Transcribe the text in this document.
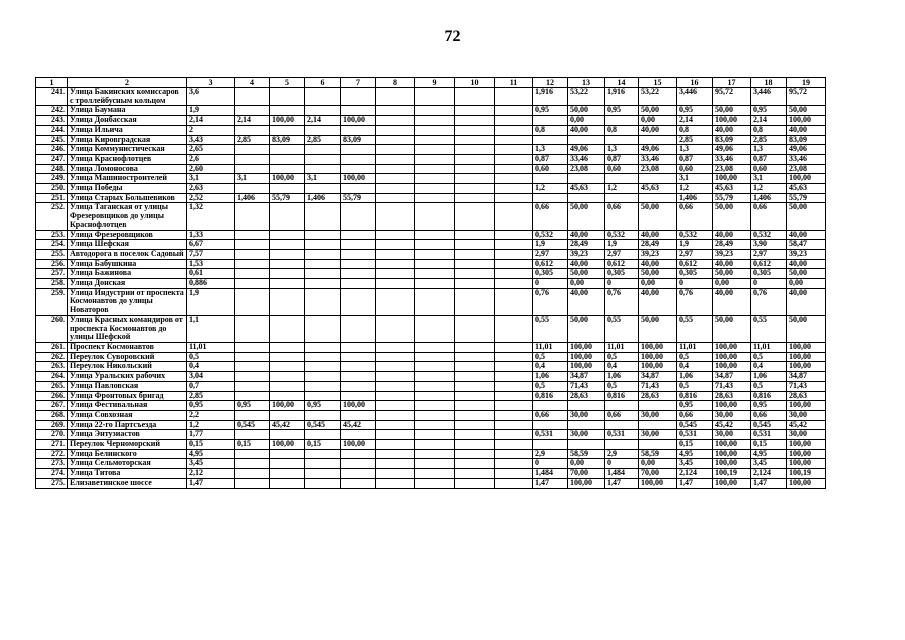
72
1	2	3	4	5	6	7	8	9	10	11	12	13	14	15	16	17	18	19
241.	Улица Бакинских комиссаров с троллейбусным кольцом	3,6									1,916	53,22	1,916	53,22	3,446	95,72	3,446	95,72
242.	Улица Баумана	1,9									0,95	50,00	0,95	50,00	0,95	50,00	0,95	50,00
243.	Улица Донбасская	2,14	2,14	100,00	2,14	100,00						0,00		0,00	2,14	100,00	2,14	100,00
244.	Улица Ильича	2									0,8	40,00	0,8	40,00	0,8	40,00	0,8	40,00
245.	Улица Кировградская	3,43	2,85	83,09	2,85	83,09									2,85	83,09	2,85	83,09
246.	Улица Коммунистическая	2,65									1,3	49,06	1,3	49,06	1,3	49,06	1,3	49,06
247.	Улица Краснофлотцев	2,6									0,87	33,46	0,87	33,46	0,87	33,46	0,87	33,46
248.	Улица Ломоносова	2,60									0,60	23,08	0,60	23,08	0,60	23,08	0,60	23,08
249.	Улица Машиностроителей	3,1	3,1	100,00	3,1	100,00									3,1	100,00	3,1	100,00
250.	Улица Победы	2,63									1,2	45,63	1,2	45,63	1,2	45,63	1,2	45,63
251.	Улица Старых Большевиков	2,52	1,406	55,79	1,406	55,79									1,406	55,79	1,406	55,79
252.	Улица Таганская от улицы Фрезеровщиков до улицы Краснофлотцев	1,32									0,66	50,00	0,66	50,00	0,66	50,00	0,66	50,00
253.	Улица Фрезеровщиков	1,33									0,532	40,00	0,532	40,00	0,532	40,00	0,532	40,00
254.	Улица Шефская	6,67									1,9	28,49	1,9	28,49	1,9	28,49	3,90	58,47
255.	Автодорога в поселок Садовый	7,57									2,97	39,23	2,97	39,23	2,97	39,23	2,97	39,23
256.	Улица Бабушкина	1,53									0,612	40,00	0,612	40,00	0,612	40,00	0,612	40,00
257.	Улица Бажинова	0,61									0,305	50,00	0,305	50,00	0,305	50,00	0,305	50,00
258.	Улица Донская	0,886									0	0,00	0	0,00	0	0,00	0	0,00
259.	Улица Индустрии от проспекта Космонавтов до улицы Новаторов	1,9									0,76	40,00	0,76	40,00	0,76	40,00	0,76	40,00
260.	Улица Красных командиров от проспекта Космонавтов до улицы Шефской	1,1									0,55	50,00	0,55	50,00	0,55	50,00	0,55	50,00
261.	Проспект Космонавтов	11,01									11,01	100,00	11,01	100,00	11,01	100,00	11,01	100,00
262.	Переулок Суворовский	0,5									0,5	100,00	0,5	100,00	0,5	100,00	0,5	100,00
263.	Переулок Никольский	0,4									0,4	100,00	0,4	100,00	0,4	100,00	0,4	100,00
264.	Улица Уральских рабочих	3,04									1,06	34,87	1,06	34,87	1,06	34,87	1,06	34,87
265.	Улица Павловская	0,7									0,5	71,43	0,5	71,43	0,5	71,43	0,5	71,43
266.	Улица Фронтовых бригад	2,85									0,816	28,63	0,816	28,63	0,816	28,63	0,816	28,63
267.	Улица Фестивальная	0,95	0,95	100,00	0,95	100,00									0,95	100,00	0,95	100,00
268.	Улица Совхозная	2,2									0,66	30,00	0,66	30,00	0,66	30,00	0,66	30,00
269.	Улица 22-го Партсъезда	1,2	0,545	45,42	0,545	45,42									0,545	45,42	0,545	45,42
270.	Улица Энтузиастов	1,77									0,531	30,00	0,531	30,00	0,531	30,00	0,531	30,00
271.	Переулок Черноморский	0,15	0,15	100,00	0,15	100,00									0,15	100,00	0,15	100,00
272.	Улица Белинского	4,95									2,9	58,59	2,9	58,59	4,95	100,00	4,95	100,00
273.	Улица Сельмоторская	3,45									0	0,00	0	0,00	3,45	100,00	3,45	100,00
274.	Улица Титова	2,12									1,484	70,00	1,484	70,00	2,124	100,19	2,124	100,19
275.	Елизаветинское шоссе	1,47									1,47	100,00	1,47	100,00	1,47	100,00	1,47	100,00
